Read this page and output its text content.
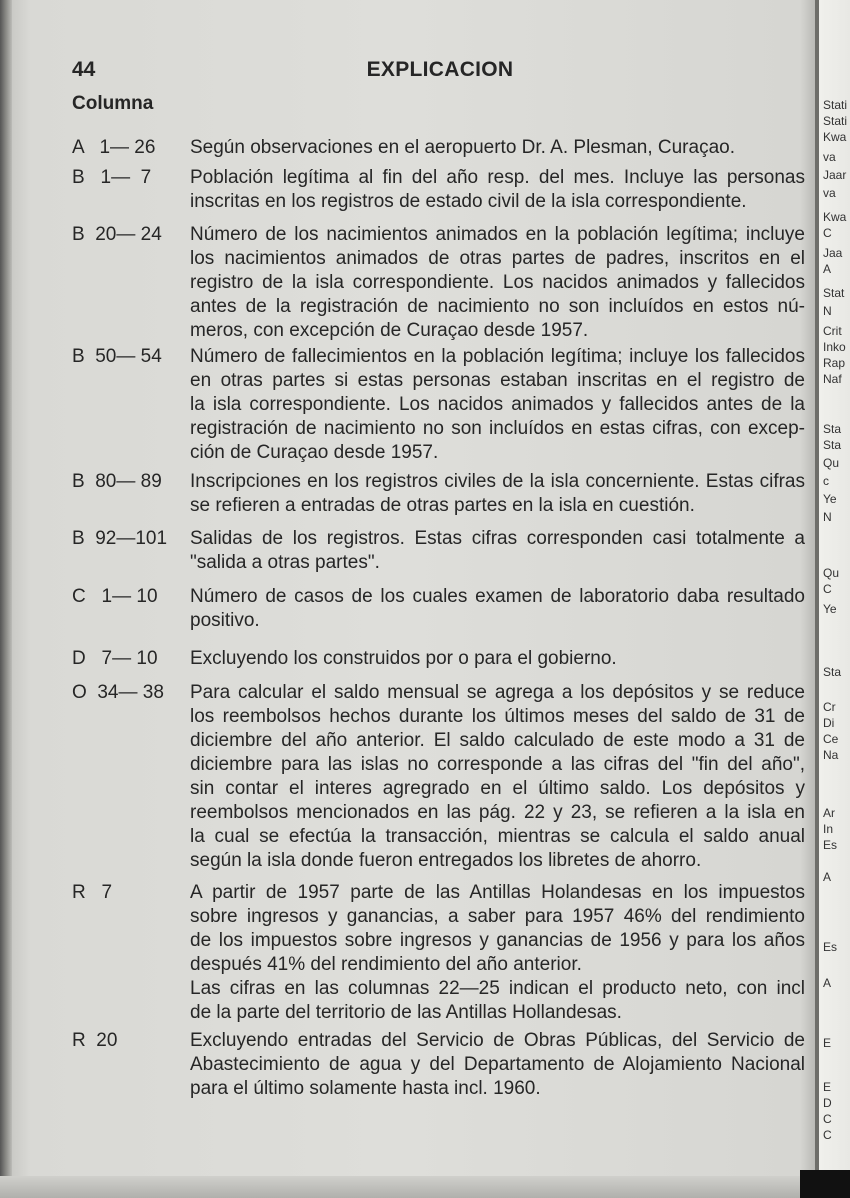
Stati
Stati
Kwa
va
Jaar
va
Kwa
C
Jaa
A
Stat
N
Crit
Inko
Rap
Naf
Sta
Sta
Qu
c
Ye
N
Qu
C
Ye
Sta
Cr
Di
Ce
Na
Ar
In
Es
A
Es
A
E
E
D
C
C
44	EXPLICACION
Columna
A   1— 26	Según observaciones en el aeropuerto Dr. A. Plesman, Curaçao.
B   1—  7	Población legítima al fin del año resp. del mes. Incluye las personas
inscritas en los registros de estado civil de la isla correspondiente.
B  20— 24	Número de los nacimientos animados en la población legítima; incluye
los nacimientos animados de otras partes de padres, inscritos en el
registro de la isla correspondiente. Los nacidos animados y fallecidos
antes de la registración de nacimiento no son incluídos en estos nú-
meros, con excepción de Curaçao desde 1957.
B  50— 54	Número de fallecimientos en la población legítima; incluye los fallecidos
en otras partes si estas personas estaban inscritas en el registro de
la isla correspondiente. Los nacidos animados y fallecidos antes de la
registración de nacimiento no son incluídos en estas cifras, con excep-
ción de Curaçao desde 1957.
B  80— 89	Inscripciones en los registros civiles de la isla concerniente. Estas cifras
se refieren a entradas de otras partes en la isla en cuestión.
B  92—101	Salidas de los registros. Estas cifras corresponden casi totalmente a
"salida a otras partes".
C   1— 10	Número de casos de los cuales examen de laboratorio daba resultado
positivo.
D   7— 10	Excluyendo los construidos por o para el gobierno.
O  34— 38	Para calcular el saldo mensual se agrega a los depósitos y se reduce
los reembolsos hechos durante los últimos meses del saldo de 31 de
diciembre del año anterior. El saldo calculado de este modo a 31 de
diciembre para las islas no corresponde a las cifras del "fin del año",
sin contar el interes agregrado en el último saldo. Los depósitos y
reembolsos mencionados en las pág. 22 y 23, se refieren a la isla en
la cual se efectúa la transacción, mientras se calcula el saldo anual
según la isla donde fueron entregados los libretes de ahorro.
R   7	A partir de 1957 parte de las Antillas Holandesas en los impuestos
sobre ingresos y ganancias, a saber para 1957 46% del rendimiento
de los impuestos sobre ingresos y ganancias de 1956 y para los años
después 41% del rendimiento del año anterior.
Las cifras en las columnas 22—25 indican el producto neto, con incl
de la parte del territorio de las Antillas Hollandesas.
R  20	Excluyendo entradas del Servicio de Obras Públicas, del Servicio de
Abastecimiento de agua y del Departamento de Alojamiento Nacional
para el último solamente hasta incl. 1960.
